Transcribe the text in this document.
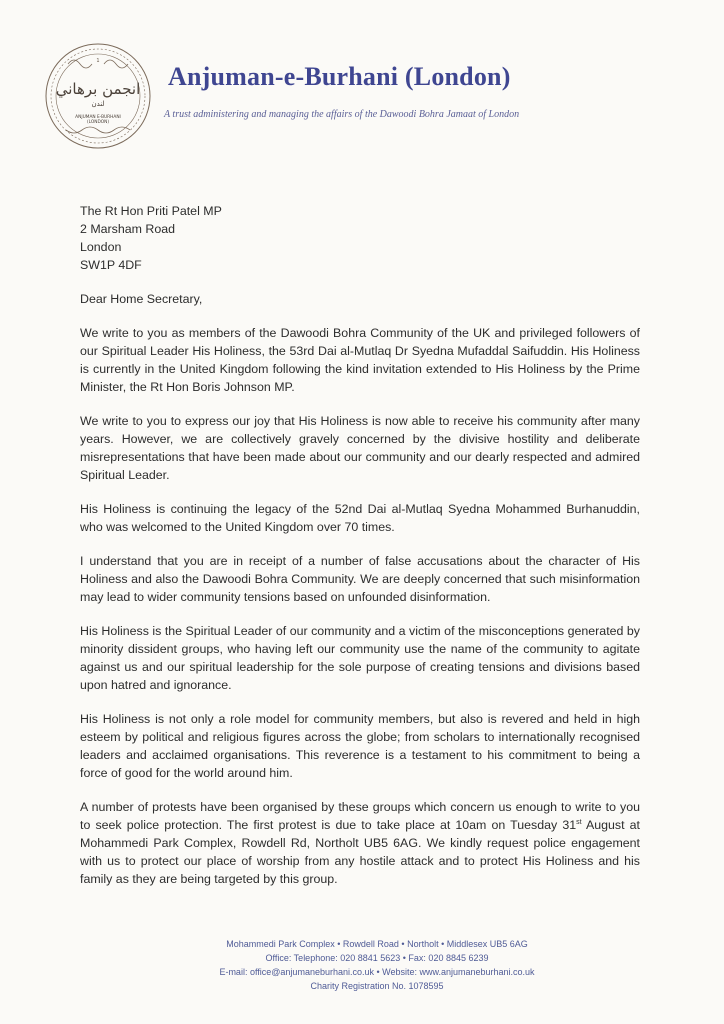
1
انجمن برهاني
لندن
ANJUMAN E-BURHANI
(LONDON)
Anjuman-e-Burhani (London)
A trust administering and managing the affairs of the Dawoodi Bohra Jamaat of London
The Rt Hon Priti Patel MP
2 Marsham Road
London
SW1P 4DF
Dear Home Secretary,

We write to you as members of the Dawoodi Bohra Community of the UK and privileged followers of our Spiritual Leader His Holiness, the 53rd Dai al-Mutlaq Dr Syedna Mufaddal Saifuddin. His Holiness is currently in the United Kingdom following the kind invitation extended to His Holiness by the Prime Minister, the Rt Hon Boris Johnson MP.

We write to you to express our joy that His Holiness is now able to receive his community after many years. However, we are collectively gravely concerned by the divisive hostility and deliberate misrepresentations that have been made about our community and our dearly respected and admired Spiritual Leader.

His Holiness is continuing the legacy of the 52nd Dai al-Mutlaq Syedna Mohammed Burhanuddin, who was welcomed to the United Kingdom over 70 times.

I understand that you are in receipt of a number of false accusations about the character of His Holiness and also the Dawoodi Bohra Community. We are deeply concerned that such misinformation may lead to wider community tensions based on unfounded disinformation.

His Holiness is the Spiritual Leader of our community and a victim of the misconceptions generated by minority dissident groups, who having left our community use the name of the community to agitate against us and our spiritual leadership for the sole purpose of creating tensions and divisions based upon hatred and ignorance.

His Holiness is not only a role model for community members, but also is revered and held in high esteem by political and religious figures across the globe; from scholars to internationally recognised leaders and acclaimed organisations. This reverence is a testament to his commitment to being a force of good for the world around him.

A number of protests have been organised by these groups which concern us enough to write to you to seek police protection. The first protest is due to take place at 10am on Tuesday 31st August at Mohammedi Park Complex, Rowdell Rd, Northolt UB5 6AG. We kindly request police engagement with us to protect our place of worship from any hostile attack and to protect His Holiness and his family as they are being targeted by this group.

Mohammedi Park Complex • Rowdell Road • Northolt • Middlesex UB5 6AG
Office: Telephone: 020 8841 5623 • Fax: 020 8845 6239
E-mail: office@anjumaneburhani.co.uk • Website: www.anjumaneburhani.co.uk
Charity Registration No. 1078595
